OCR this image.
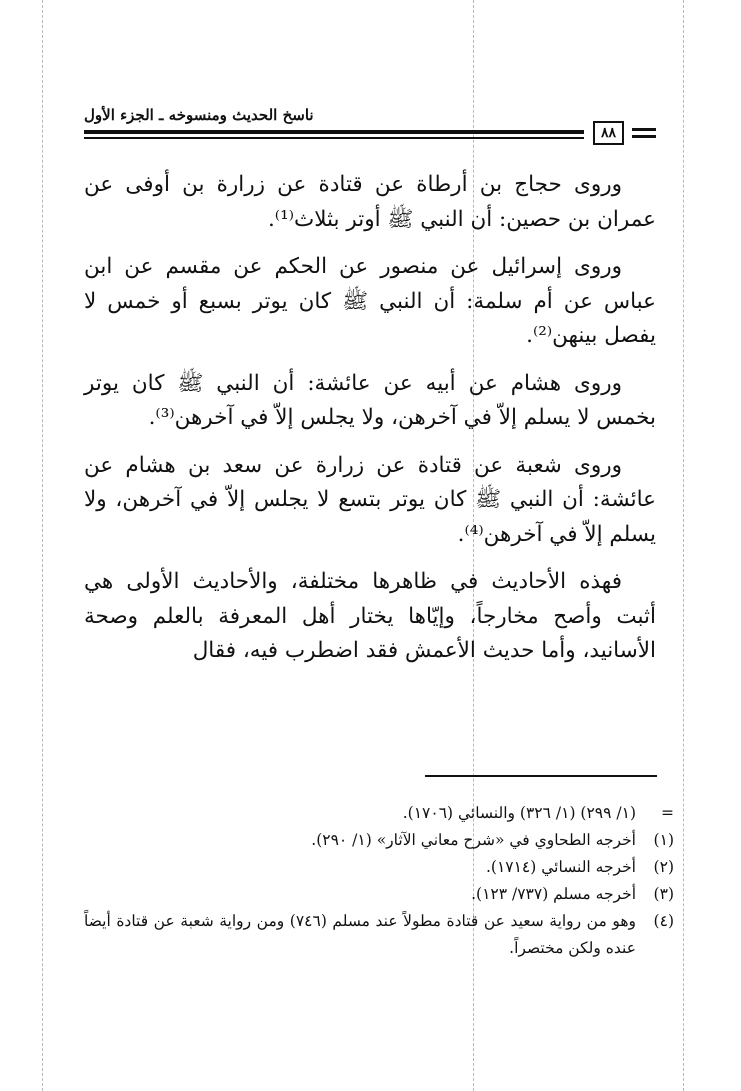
ناسخ الحديث ومنسوخه ـ الجزء الأول
٨٨

وروى حجاج بن أرطاة عن قتادة عن زرارة بن أوفى عن عمران بن حصين: أن النبي ﷺ أوتر بثلاث⁽¹⁾.

وروى إسرائيل عن منصور عن الحكم عن مقسم عن ابن عباس عن أم سلمة: أن النبي ﷺ كان يوتر بسبع أو خمس لا يفصل بينهن⁽²⁾.

وروى هشام عن أبيه عن عائشة: أن النبي ﷺ كان يوتر بخمس لا يسلم إلاّ في آخرهن، ولا يجلس إلاّ في آخرهن⁽³⁾.

وروى شعبة عن قتادة عن زرارة عن سعد بن هشام عن عائشة: أن النبي ﷺ كان يوتر بتسع لا يجلس إلاّ في آخرهن، ولا يسلم إلاّ في آخرهن⁽⁴⁾.

فهذه الأحاديث في ظاهرها مختلفة، والأحاديث الأولى هي أثبت وأصح مخارجاً، وإيّاها يختار أهل المعرفة بالعلم وصحة الأسانيد، وأما حديث الأعمش فقد اضطرب فيه، فقال

=
(١/ ٢٩٩) (١/ ٣٢٦) والنسائي (١٧٠٦).
(١)
أخرجه الطحاوي في «شرح معاني الآثار» (١/ ٢٩٠).
(٢)
أخرجه النسائي (١٧١٤).
(٣)
أخرجه مسلم (٧٣٧/ ١٢٣).
(٤)
وهو من رواية سعيد عن قتادة مطولاً عند مسلم (٧٤٦) ومن رواية شعبة عن قتادة أيضاً عنده ولكن مختصراً.
